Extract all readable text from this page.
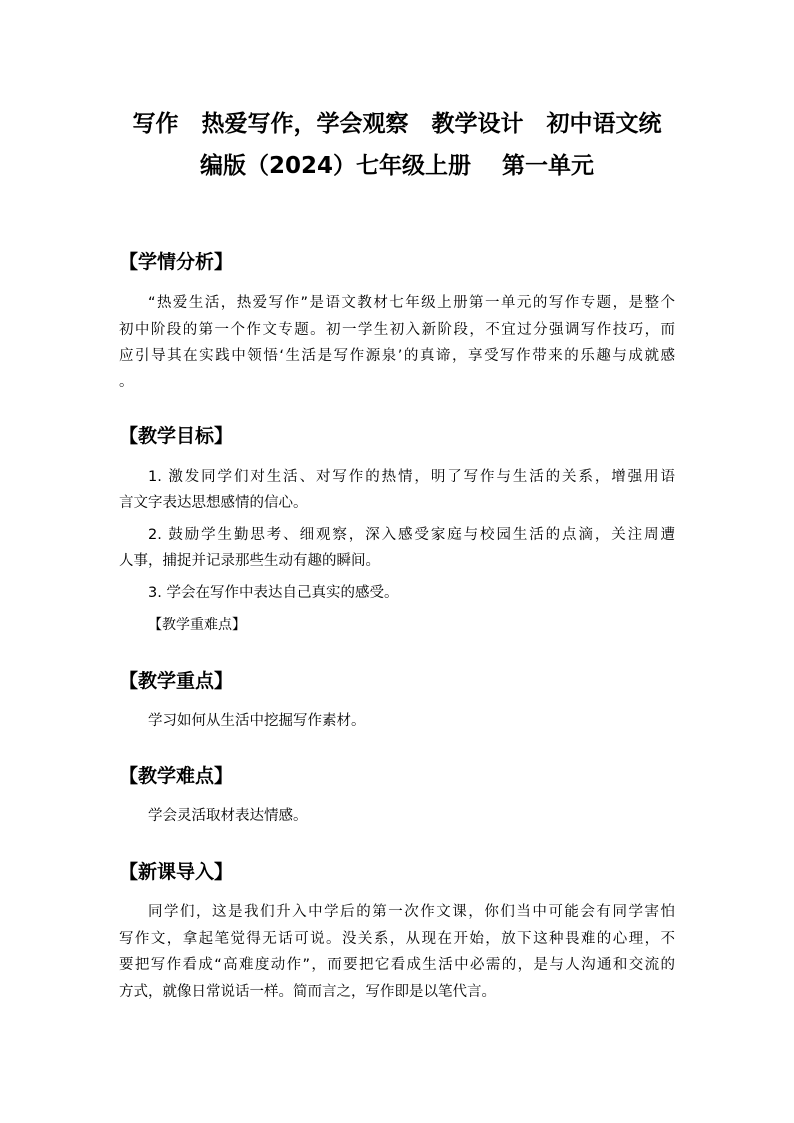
写作　热爱写作，学会观察　教学设计　初中语文统
编版（2024）七年级上册　 第一单元
【学情分析】
“热爱生活，热爱写作”是语文教材七年级上册第一单元的写作专题，是整个
初中阶段的第一个作文专题。初一学生初入新阶段，不宜过分强调写作技巧，而
应引导其在实践中领悟‘生活是写作源泉’的真谛，享受写作带来的乐趣与成就感
。
【教学目标】
1. 激发同学们对生活、对写作的热情，明了写作与生活的关系，增强用语
言文字表达思想感情的信心。
2. 鼓励学生勤思考、细观察，深入感受家庭与校园生活的点滴，关注周遭
人事，捕捉并记录那些生动有趣的瞬间。
3. 学会在写作中表达自己真实的感受。
【教学重难点】
【教学重点】
学习如何从生活中挖掘写作素材。
【教学难点】
学会灵活取材表达情感。
【新课导入】
同学们，这是我们升入中学后的第一次作文课，你们当中可能会有同学害怕
写作文，拿起笔觉得无话可说。没关系，从现在开始，放下这种畏难的心理，不
要把写作看成“高难度动作”，而要把它看成生活中必需的，是与人沟通和交流的
方式，就像日常说话一样。简而言之，写作即是以笔代言。
